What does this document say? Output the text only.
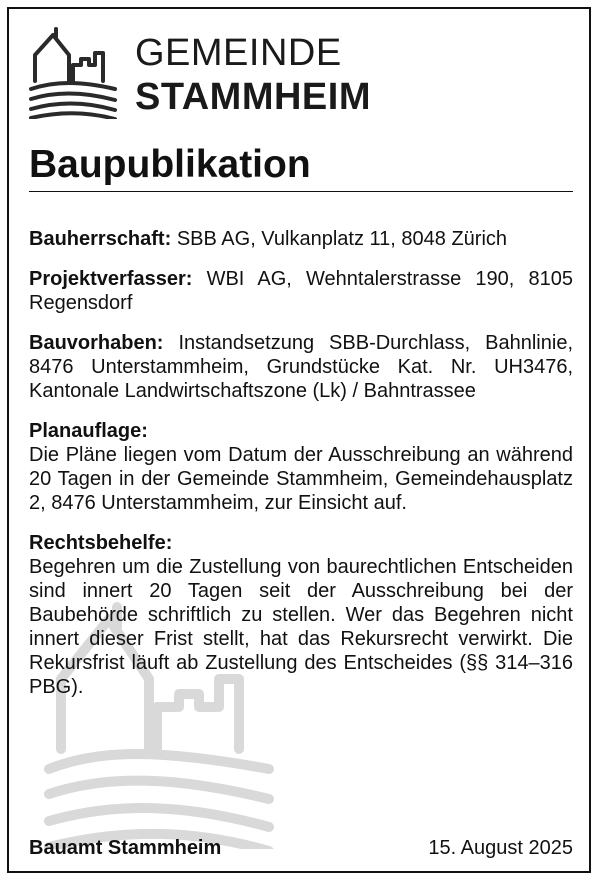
GEMEINDE
STAMMHEIM
Baupublikation

Bauherrschaft: SBB AG, Vulkanplatz 11, 8048 Zürich

Projektverfasser: WBI AG, Wehntalerstrasse 190, 8105 Regensdorf

Bauvorhaben: Instandsetzung SBB-Durchlass, Bahnlinie, 8476 Unterstammheim, Grundstücke Kat. Nr. UH3476, Kantonale Landwirtschaftszone (Lk) / Bahntrassee

Planauflage:

Die Pläne liegen vom Datum der Ausschreibung an während 20 Tagen in der Gemeinde Stammheim, Gemeindehausplatz 2, 8476 Unterstammheim, zur Einsicht auf.

Rechtsbehelfe:

Begehren um die Zustellung von baurechtlichen Entscheiden sind innert 20 Tagen seit der Ausschreibung bei der Baubehörde schriftlich zu stellen. Wer das Begehren nicht innert dieser Frist stellt, hat das Rekursrecht verwirkt. Die Rekursfrist läuft ab Zustellung des Entscheides (§§ 314–316 PBG).

Bauamt Stammheim	15. August 2025
